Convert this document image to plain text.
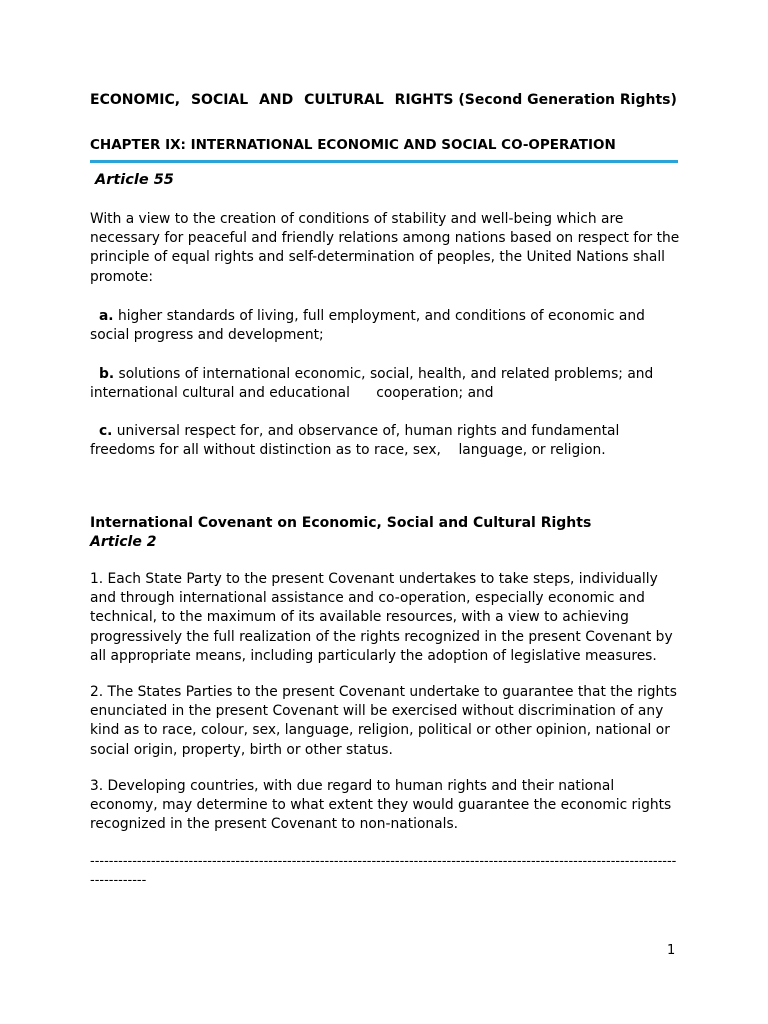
ECONOMIC, SOCIAL AND CULTURAL RIGHTS (Second Generation Rights)

CHAPTER IX: INTERNATIONAL ECONOMIC AND SOCIAL CO-OPERATION

Article 55

With a view to the creation of conditions of stability and well-being which are necessary for peaceful and friendly relations among nations based on respect for the principle of equal rights and self-determination of peoples, the United Nations shall promote:

a. higher standards of living, full employment, and conditions of economic and social progress and development;

b. solutions of international economic, social, health, and related problems; and international cultural and educational      cooperation; and

c. universal respect for, and observance of, human rights and fundamental freedoms for all without distinction as to race, sex,    language, or religion.

International Covenant on Economic, Social and Cultural Rights
Article 2

1. Each State Party to the present Covenant undertakes to take steps, individually and through international assistance and co-operation, especially economic and technical, to the maximum of its available resources, with a view to achieving progressively the full realization of the rights recognized in the present Covenant by all appropriate means, including particularly the adoption of legislative measures.

2. The States Parties to the present Covenant undertake to guarantee that the rights enunciated in the present Covenant will be exercised without discrimination of any kind as to race, colour, sex, language, religion, political or other opinion, national or social origin, property, birth or other status.

3. Developing countries, with due regard to human rights and their national economy, may determine to what extent they would guarantee the economic rights recognized in the present Covenant to non-nationals.

-----------------------------------------------------------------------------------------------------------------------------------------
1
